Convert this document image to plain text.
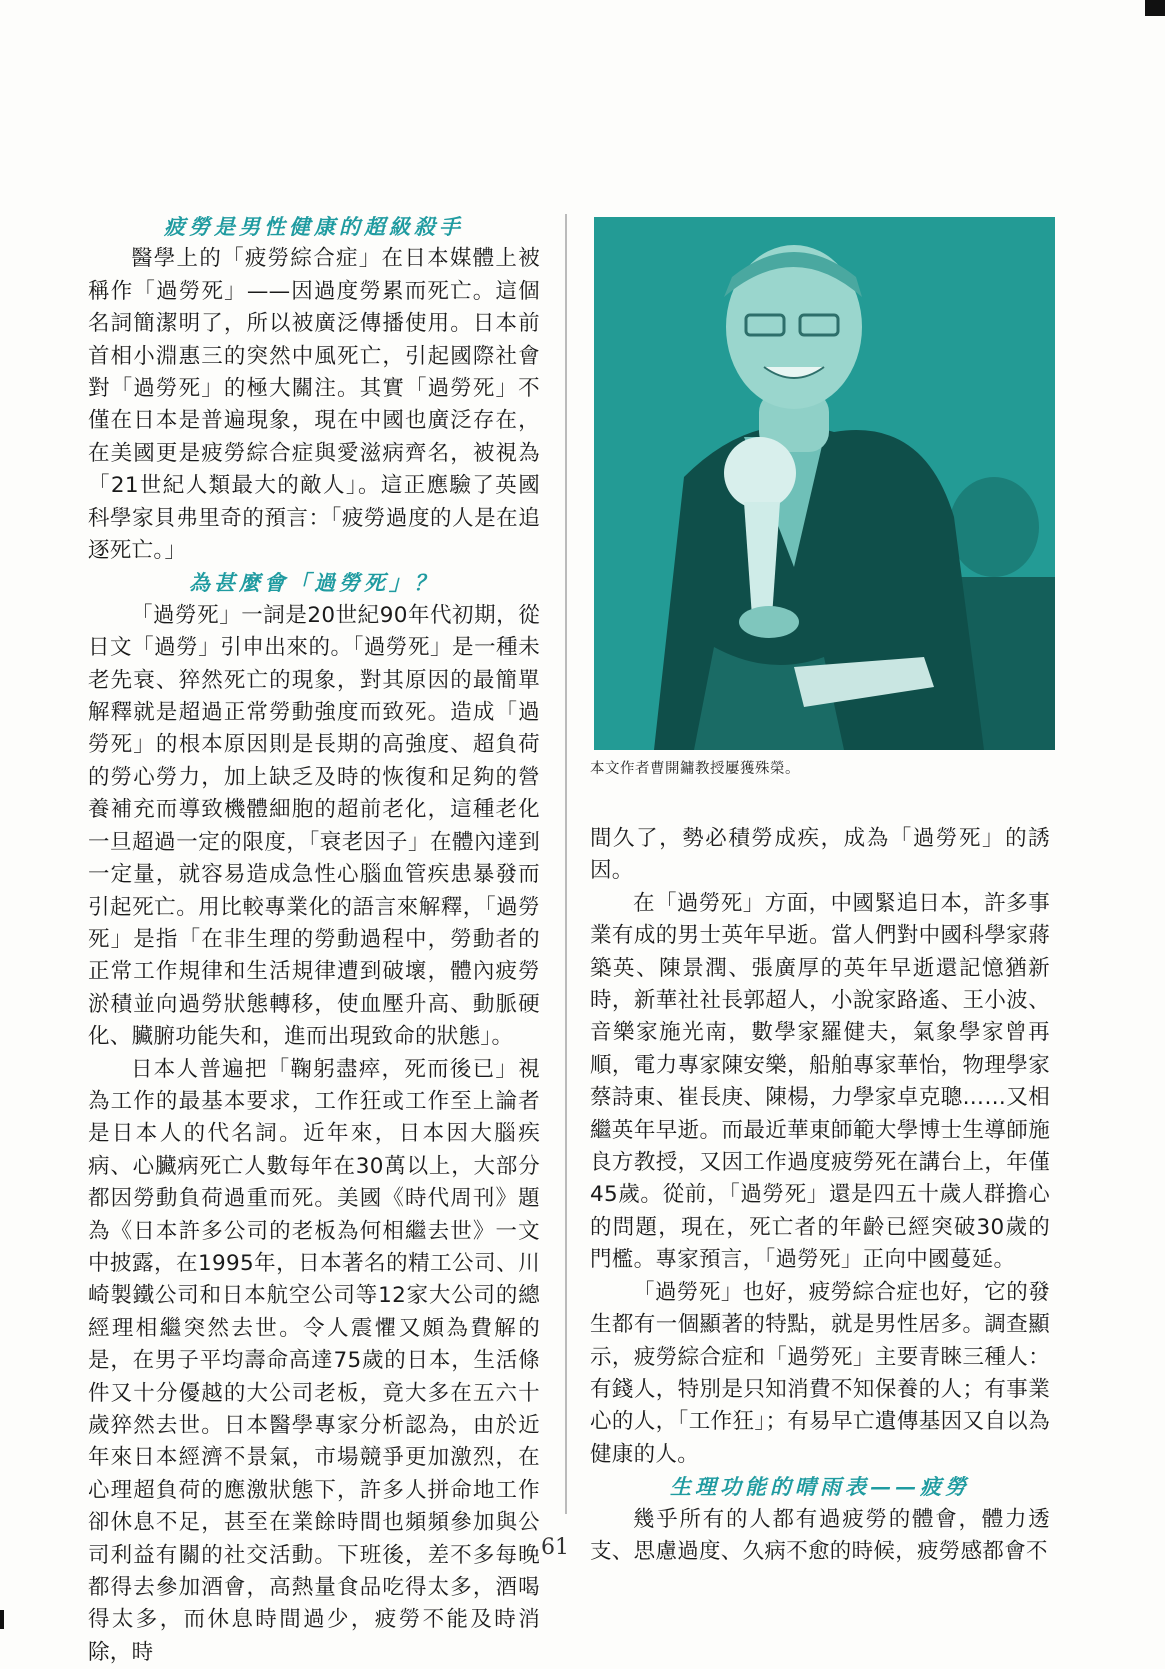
疲勞是男性健康的超級殺手

醫學上的「疲勞綜合症」在日本媒體上被稱作「過勞死」——因過度勞累而死亡。這個名詞簡潔明了，所以被廣泛傳播使用。日本前首相小淵惠三的突然中風死亡，引起國際社會對「過勞死」的極大關注。其實「過勞死」不僅在日本是普遍現象，現在中國也廣泛存在，在美國更是疲勞綜合症與愛滋病齊名，被視為「21世紀人類最大的敵人」。這正應驗了英國科學家貝弗里奇的預言：「疲勞過度的人是在追逐死亡。」

為甚麼會「過勞死」？

「過勞死」一詞是20世紀90年代初期，從日文「過勞」引申出來的。「過勞死」是一種未老先衰、猝然死亡的現象，對其原因的最簡單解釋就是超過正常勞動強度而致死。造成「過勞死」的根本原因則是長期的高強度、超負荷的勞心勞力，加上缺乏及時的恢復和足夠的營養補充而導致機體細胞的超前老化，這種老化一旦超過一定的限度，「衰老因子」在體內達到一定量，就容易造成急性心腦血管疾患暴發而引起死亡。用比較專業化的語言來解釋，「過勞死」是指「在非生理的勞動過程中，勞動者的正常工作規律和生活規律遭到破壞，體內疲勞淤積並向過勞狀態轉移，使血壓升高、動脈硬化、臟腑功能失和，進而出現致命的狀態」。

日本人普遍把「鞠躬盡瘁，死而後已」視為工作的最基本要求，工作狂或工作至上論者是日本人的代名詞。近年來，日本因大腦疾病、心臟病死亡人數每年在30萬以上，大部分都因勞動負荷過重而死。美國《時代周刊》題為《日本許多公司的老板為何相繼去世》一文中披露，在1995年，日本著名的精工公司、川崎製鐵公司和日本航空公司等12家大公司的總經理相繼突然去世。令人震懼又頗為費解的是，在男子平均壽命高達75歲的日本，生活條件又十分優越的大公司老板，竟大多在五六十歲猝然去世。日本醫學專家分析認為，由於近年來日本經濟不景氣，市場競爭更加激烈，在心理超負荷的應激狀態下，許多人拼命地工作卻休息不足，甚至在業餘時間也頻頻參加與公司利益有關的社交活動。下班後，差不多每晚都得去參加酒會，高熱量食品吃得太多，酒喝得太多，而休息時間過少，疲勞不能及時消除，時

本文作者曹開鏞教授屢獲殊榮。

間久了，勢必積勞成疾，成為「過勞死」的誘因。

在「過勞死」方面，中國緊追日本，許多事業有成的男士英年早逝。當人們對中國科學家蔣築英、陳景潤、張廣厚的英年早逝還記憶猶新時，新華社社長郭超人，小說家路遙、王小波、音樂家施光南，數學家羅健夫，氣象學家曾再順，電力專家陳安樂，船舶專家華怡，物理學家蔡詩東、崔長庚、陳楊，力學家卓克聰……又相繼英年早逝。而最近華東師範大學博士生導師施良方教授，又因工作過度疲勞死在講台上，年僅45歲。從前，「過勞死」還是四五十歲人群擔心的問題，現在，死亡者的年齡已經突破30歲的門檻。專家預言，「過勞死」正向中國蔓延。

「過勞死」也好，疲勞綜合症也好，它的發生都有一個顯著的特點，就是男性居多。調查顯示，疲勞綜合症和「過勞死」主要青睞三種人：有錢人，特別是只知消費不知保養的人；有事業心的人，「工作狂」；有易早亡遺傳基因又自以為健康的人。

生理功能的晴雨表——疲勞

幾乎所有的人都有過疲勞的體會，體力透支、思慮過度、久病不愈的時候，疲勞感都會不

61
